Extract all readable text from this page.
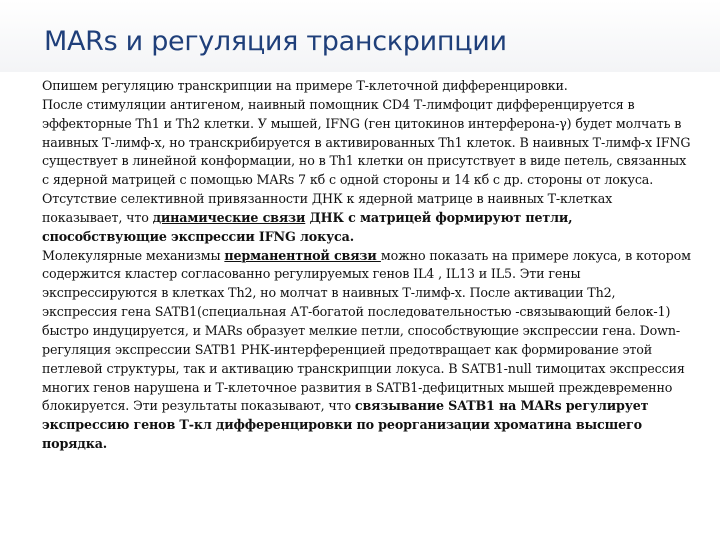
MARs и регуляция транскрипции

Опишем регуляцию транскрипции на примере Т-клеточной дифференцировки.

После стимуляции антигеном, наивный помощник CD4 Т-лимфоцит дифференцируется в эффекторные Th1 и Th2 клетки. У мышей, IFNG (ген цитокинов интерферона-γ) будет молчать в наивных Т-лимф-х, но транскрибируется в активированных Th1 клеток. В наивных Т-лимф-х IFNG существует в линейной конформации, но в Th1 клетки он присутствует в виде петель, связанных с ядерной матрицей с помощью MARs 7 кб с одной стороны и 14 кб с др. стороны от локуса. Отсутствие селективной привязанности ДНК к ядерной матрице в наивных Т-клетках показывает, что динамические связи ДНК с матрицей формируют петли, способствующие экспрессии IFNG локуса.

Молекулярные механизмы перманентной связи можно показать на примере локуса, в котором содержится кластер согласованно регулируемых генов IL4 , IL13 и IL5. Эти гены экспрессируются в клетках Th2, но молчат в наивных Т-лимф-х. После активации Th2, экспрессия гена SATB1(специальная АТ-богатой последовательностью -связывающий белок-1) быстро индуцируется, и MARs образует мелкие петли, способствующие экспрессии гена. Down-регуляция экспрессии SATB1 РНК-интерференцией предотвращает как формирование этой петлевой структуры, так и активацию транскрипции локуса. В SATB1-null тимоцитах экспрессия многих генов нарушена и Т-клеточное развития в SATB1-дефицитных мышей преждевременно блокируется. Эти результаты показывают, что связывание SATB1 на MARs регулирует экспрессию генов Т-кл дифференцировки по реорганизации хроматина высшего порядка.
